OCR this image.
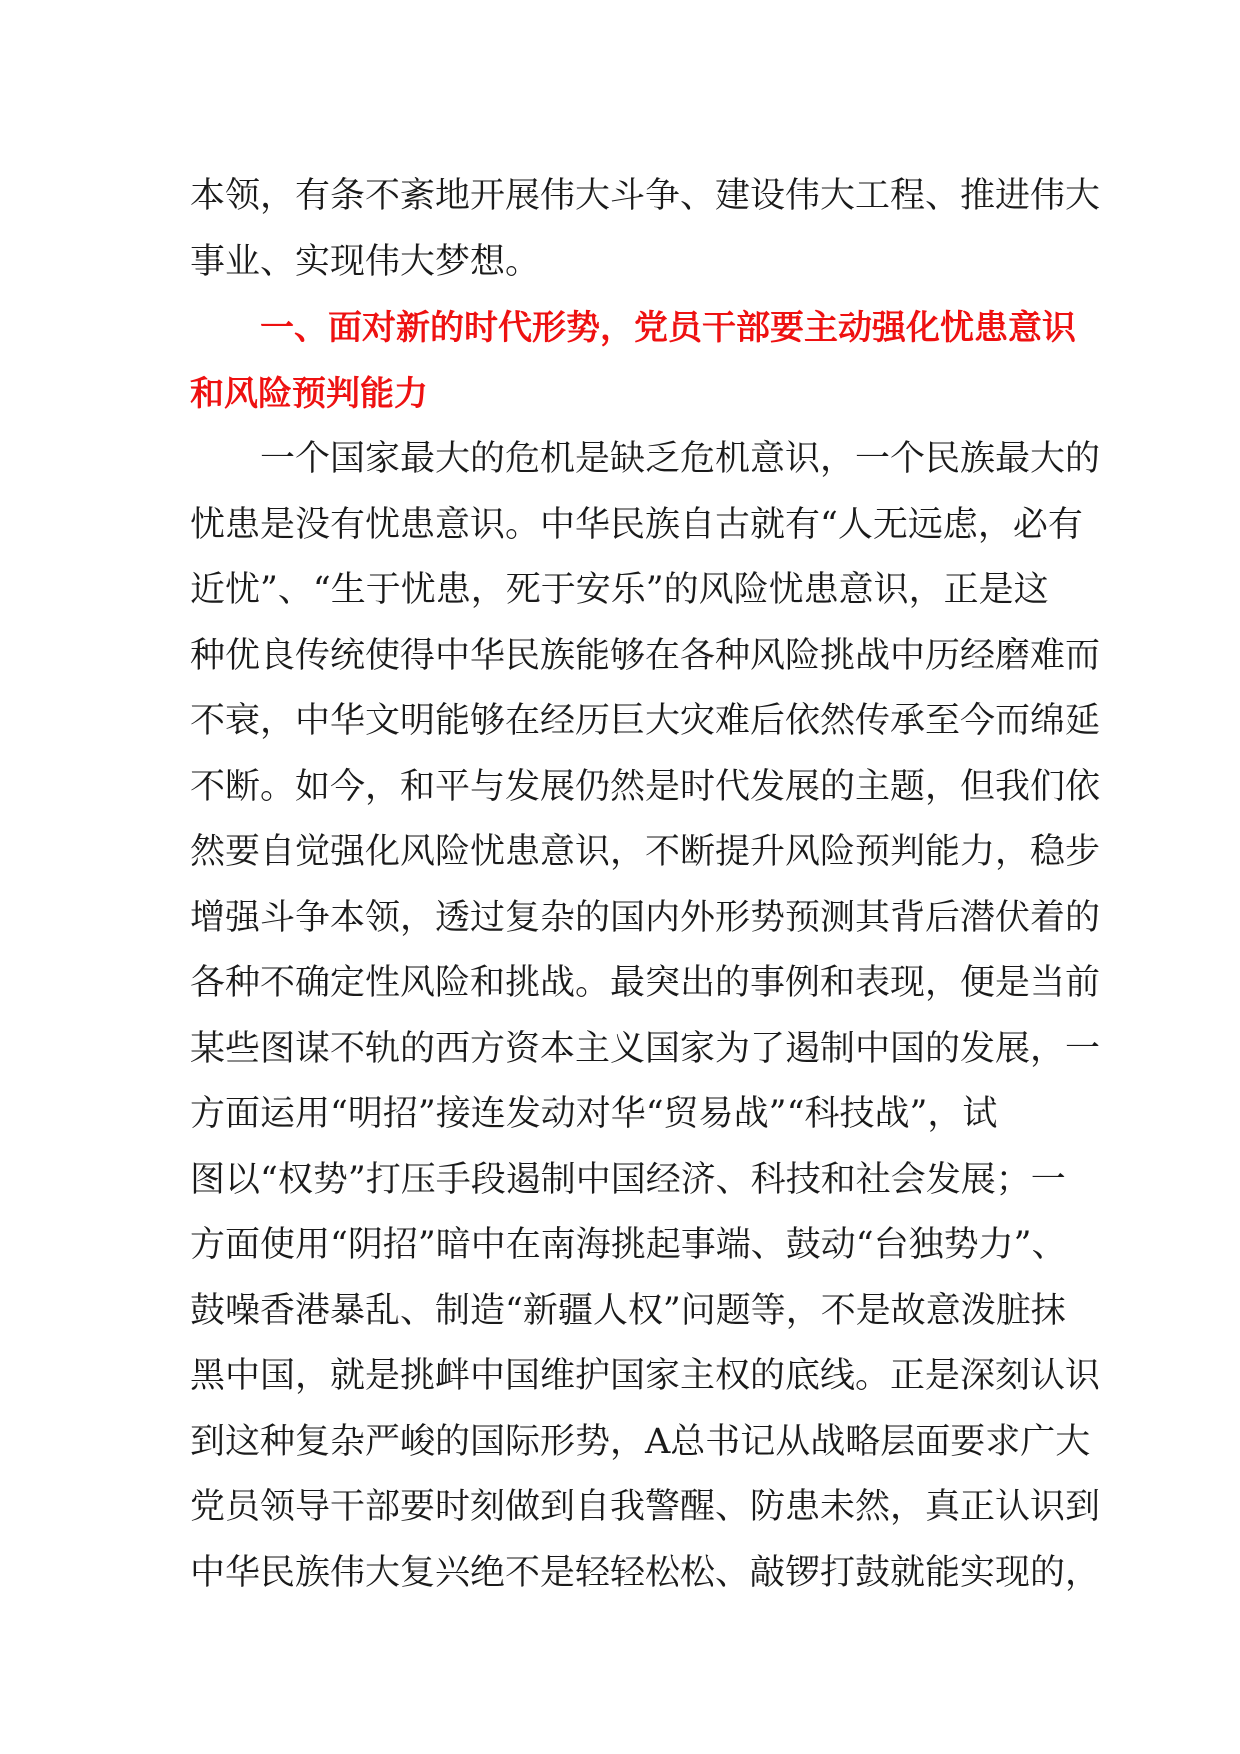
本领，有条不紊地开展伟大斗争、建设伟大工程、推进伟大
事业、实现伟大梦想。
一、面对新的时代形势，党员干部要主动强化忧患意识
和风险预判能力
一个国家最大的危机是缺乏危机意识，一个民族最大的
忧患是没有忧患意识。中华民族自古就有“人无远虑，必有
近忧”、“生于忧患，死于安乐”的风险忧患意识，正是这
种优良传统使得中华民族能够在各种风险挑战中历经磨难而
不衰，中华文明能够在经历巨大灾难后依然传承至今而绵延
不断。如今，和平与发展仍然是时代发展的主题，但我们依
然要自觉强化风险忧患意识，不断提升风险预判能力，稳步
增强斗争本领，透过复杂的国内外形势预测其背后潜伏着的
各种不确定性风险和挑战。最突出的事例和表现，便是当前
某些图谋不轨的西方资本主义国家为了遏制中国的发展，一
方面运用“明招”接连发动对华“贸易战”“科技战”，试
图以“权势”打压手段遏制中国经济、科技和社会发展；一
方面使用“阴招”暗中在南海挑起事端、鼓动“台独势力”、
鼓噪香港暴乱、制造“新疆人权”问题等，不是故意泼脏抹
黑中国，就是挑衅中国维护国家主权的底线。正是深刻认识
到这种复杂严峻的国际形势，A总书记从战略层面要求广大
党员领导干部要时刻做到自我警醒、防患未然，真正认识到
中华民族伟大复兴绝不是轻轻松松、敲锣打鼓就能实现的，
